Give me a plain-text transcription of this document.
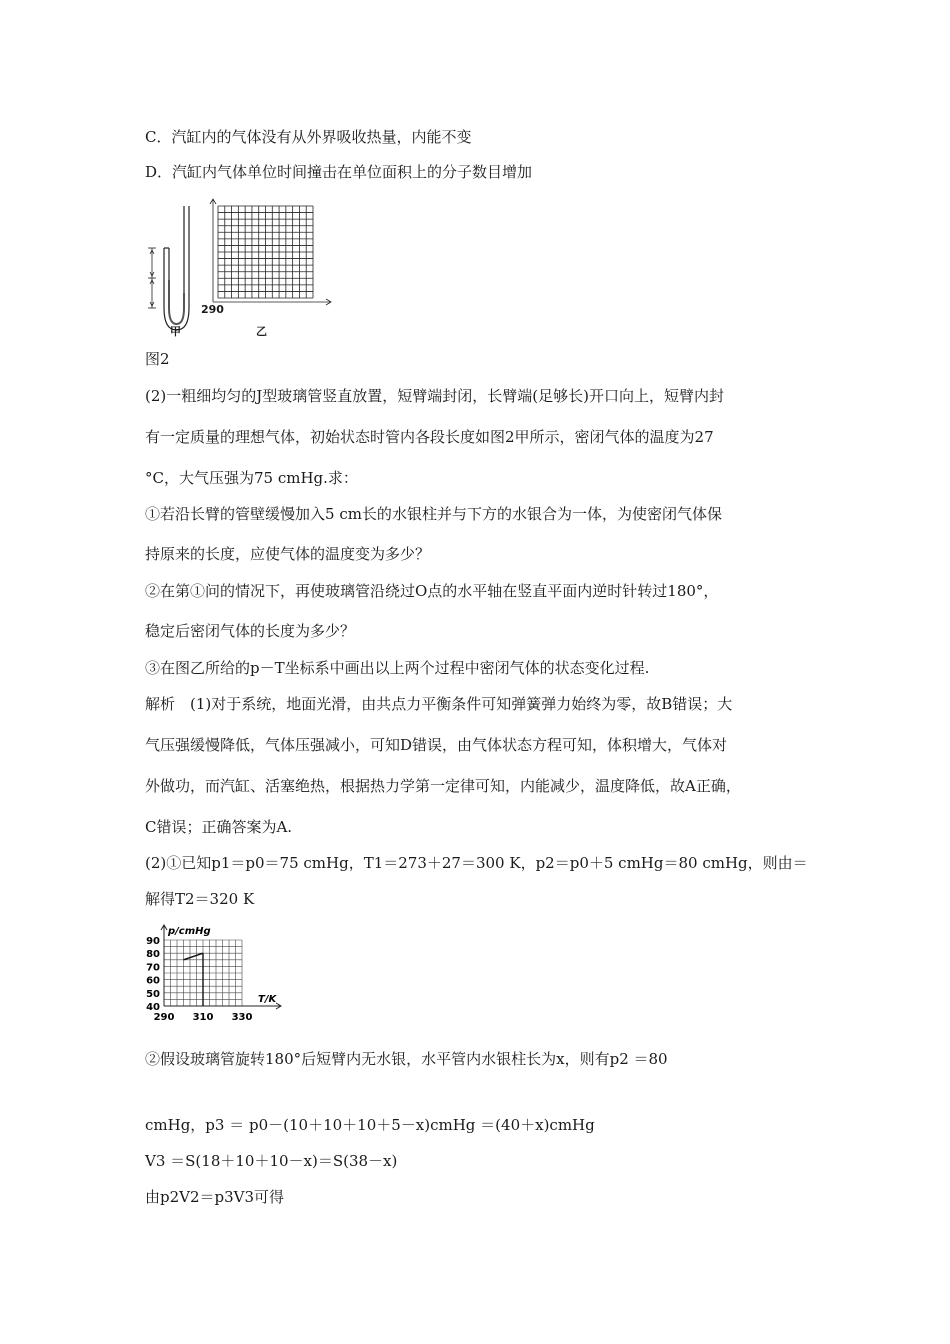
C．汽缸内的气体没有从外界吸收热量，内能不变
D．汽缸内气体单位时间撞击在单位面积上的分子数目增加
290
甲	乙
图2
(2)一粗细均匀的J型玻璃管竖直放置，短臂端封闭，长臂端(足够长)开口向上，短臂内封
有一定质量的理想气体，初始状态时管内各段长度如图2甲所示，密闭气体的温度为27
°C，大气压强为75 cmHg.求：
①若沿长臂的管壁缓慢加入5 cm长的水银柱并与下方的水银合为一体，为使密闭气体保
持原来的长度，应使气体的温度变为多少？
②在第①问的情况下，再使玻璃管沿绕过O点的水平轴在竖直平面内逆时针转过180°，
稳定后密闭气体的长度为多少？
③在图乙所给的p－T坐标系中画出以上两个过程中密闭气体的状态变化过程.
解析　(1)对于系统，地面光滑，由共点力平衡条件可知弹簧弹力始终为零，故B错误；大
气压强缓慢降低，气体压强减小，可知D错误，由气体状态方程可知，体积增大，气体对
外做功，而汽缸、活塞绝热，根据热力学第一定律可知，内能减少，温度降低，故A正确，
C错误；正确答案为A.
(2)①已知p1＝p0＝75 cmHg，T1＝273＋27＝300 K，p2＝p0＋5 cmHg＝80 cmHg，则由＝
解得T2＝320 K
p/cmHg
T/K
40
50
60
70
80
90
290 310 330
②假设玻璃管旋转180°后短臂内无水银，水平管内水银柱长为x，则有p2 ＝80
cmHg，p3 ＝ p0－(10＋10＋10＋5－x)cmHg ＝(40＋x)cmHg
V3 ＝S(18＋10＋10－x)＝S(38－x)
由p2V2＝p3V3可得
